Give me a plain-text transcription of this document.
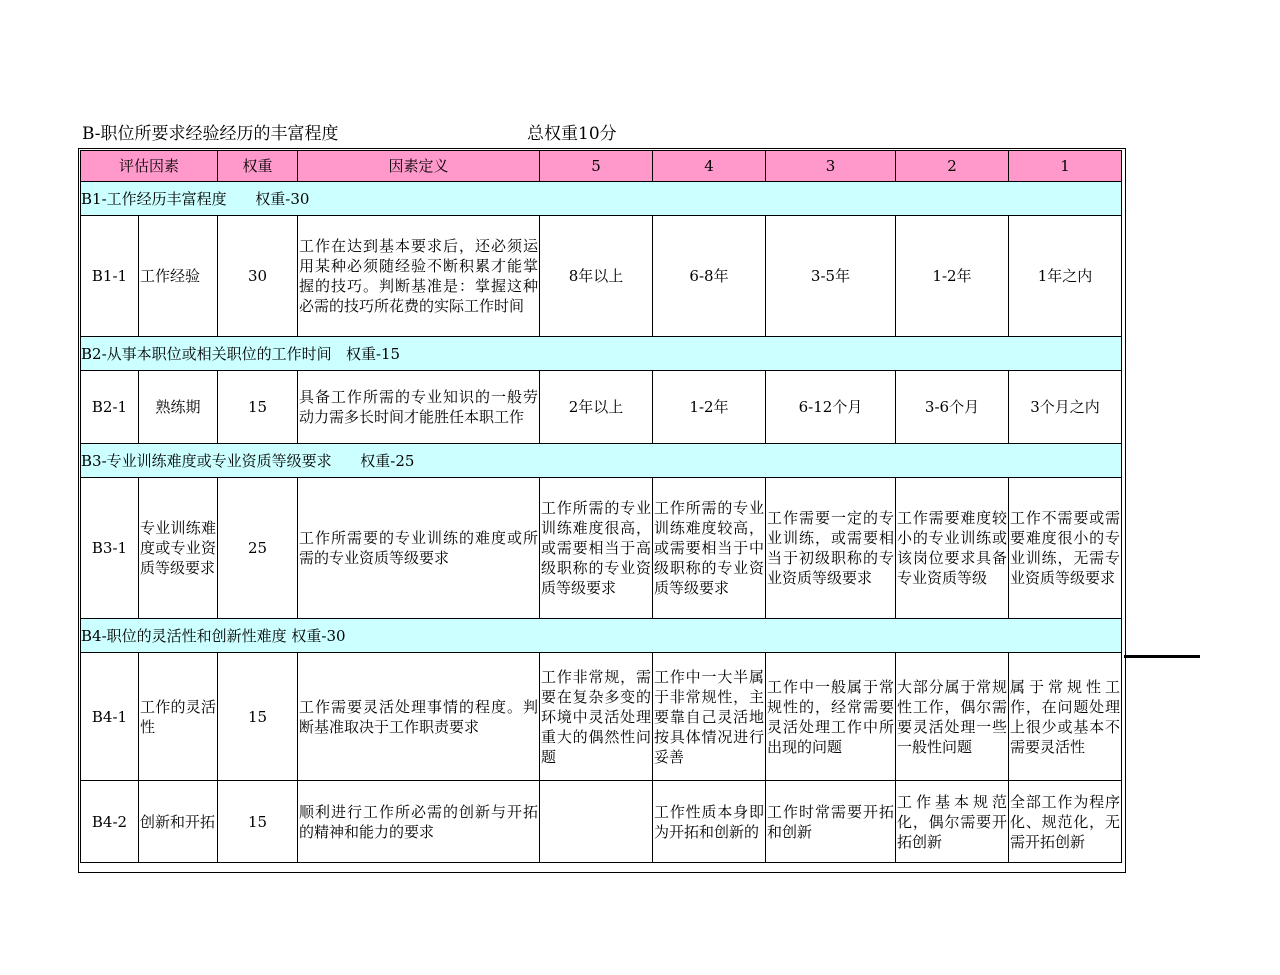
B-职位所要求经验经历的丰富程度	总权重10分
评估因素		权重	因素定义	5	4	3	2	1
B1-工作经历丰富程度      权重-30								
B1-1	工作经验	30	工作在达到基本要求后，还必须运用某种必须随经验不断积累才能掌握的技巧。判断基准是：掌握这种必需的技巧所花费的实际工作时间	8年以上	6-8年	3-5年	1-2年	1年之内
B2-从事本职位或相关职位的工作时间   权重-15								
B2-1	熟练期	15	具备工作所需的专业知识的一般劳动力需多长时间才能胜任本职工作	2年以上	1-2年	6-12个月	3-6个月	3个月之内
B3-专业训练难度或专业资质等级要求      权重-25								
B3-1	专业训练难度或专业资质等级要求	25	工作所需要的专业训练的难度或所需的专业资质等级要求	工作所需的专业训练难度很高，或需要相当于高级职称的专业资质等级要求	工作所需的专业训练难度较高，或需要相当于中级职称的专业资质等级要求	工作需要一定的专业训练，或需要相当于初级职称的专业资质等级要求	工作需要难度较小的专业训练或该岗位要求具备专业资质等级	工作不需要或需要难度很小的专业训练，无需专业资质等级要求
B4-职位的灵活性和创新性难度 权重-30								
B4-1	工作的灵活性	15	工作需要灵活处理事情的程度。判断基准取决于工作职责要求	工作非常规，需要在复杂多变的环境中灵活处理重大的偶然性问题	工作中一大半属于非常规性，主要靠自己灵活地按具体情况进行妥善	工作中一般属于常规性的，经常需要灵活处理工作中所出现的问题	大部分属于常规性工作，偶尔需要灵活处理一些一般性问题	属于常规性工作，在问题处理上很少或基本不需要灵活性
B4-2	创新和开拓	15	顺利进行工作所必需的创新与开拓的精神和能力的要求		工作性质本身即为开拓和创新的	工作时常需要开拓和创新	工作基本规范化，偶尔需要开拓创新	全部工作为程序化、规范化，无需开拓创新
